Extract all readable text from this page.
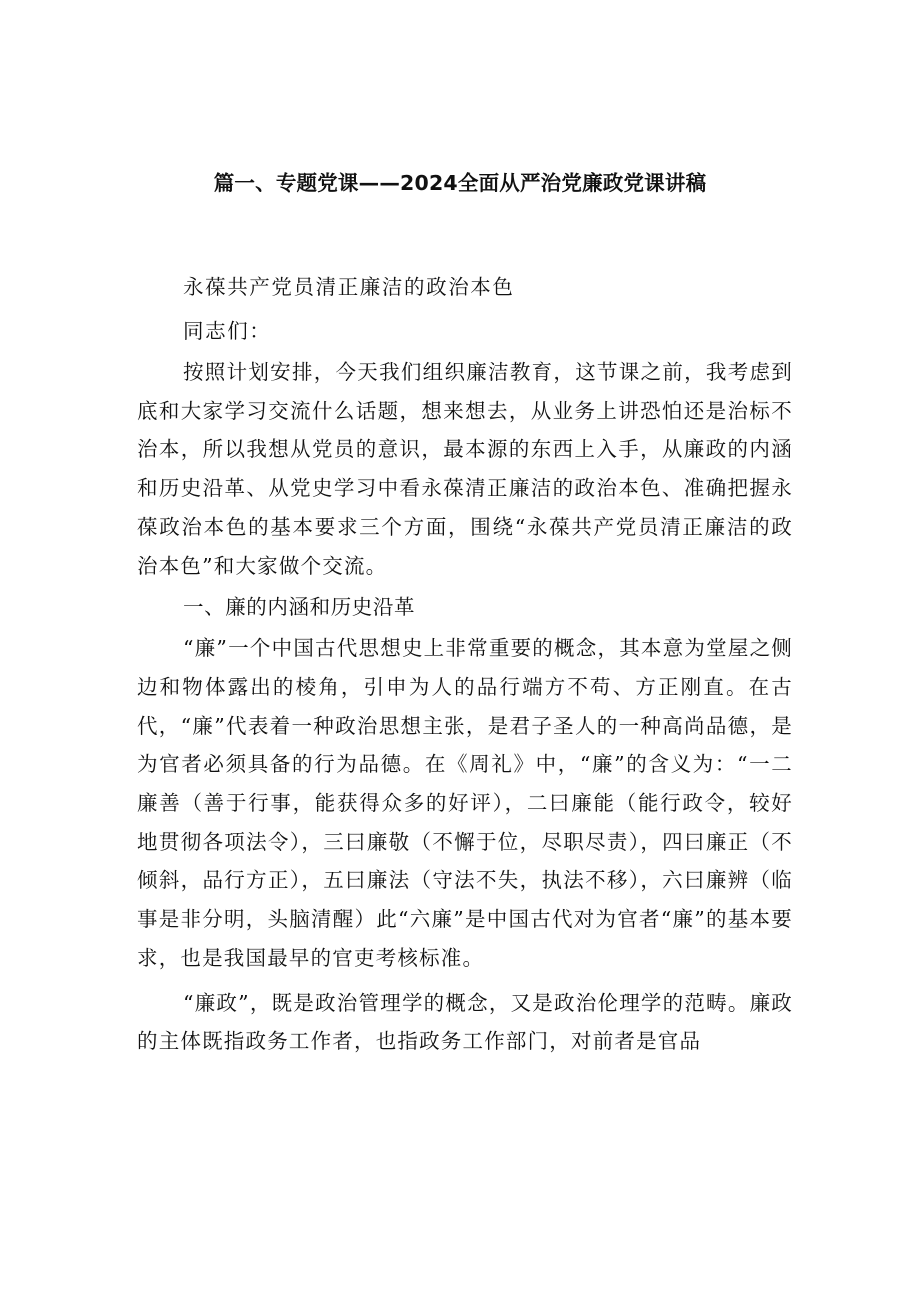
篇一、专题党课——2024全面从严治党廉政党课讲稿

永葆共产党员清正廉洁的政治本色

同志们：

按照计划安排，今天我们组织廉洁教育，这节课之前，我考虑到底和大家学习交流什么话题，想来想去，从业务上讲恐怕还是治标不治本，所以我想从党员的意识，最本源的东西上入手，从廉政的内涵和历史沿革、从党史学习中看永葆清正廉洁的政治本色、准确把握永葆政治本色的基本要求三个方面，围绕“永葆共产党员清正廉洁的政治本色”和大家做个交流。

一、廉的内涵和历史沿革

“廉”一个中国古代思想史上非常重要的概念，其本意为堂屋之侧边和物体露出的棱角，引申为人的品行端方不苟、方正刚直。在古代，“廉”代表着一种政治思想主张，是君子圣人的一种高尚品德，是为官者必须具备的行为品德。在《周礼》中，“廉”的含义为：“一二廉善（善于行事，能获得众多的好评），二曰廉能（能行政令，较好地贯彻各项法令），三曰廉敬（不懈于位，尽职尽责），四曰廉正（不倾斜，品行方正），五曰廉法（守法不失，执法不移），六曰廉辨（临事是非分明，头脑清醒）此“六廉”是中国古代对为官者“廉”的基本要求，也是我国最早的官吏考核标准。

“廉政”，既是政治管理学的概念，又是政治伦理学的范畴。廉政的主体既指政务工作者，也指政务工作部门，对前者是官品
